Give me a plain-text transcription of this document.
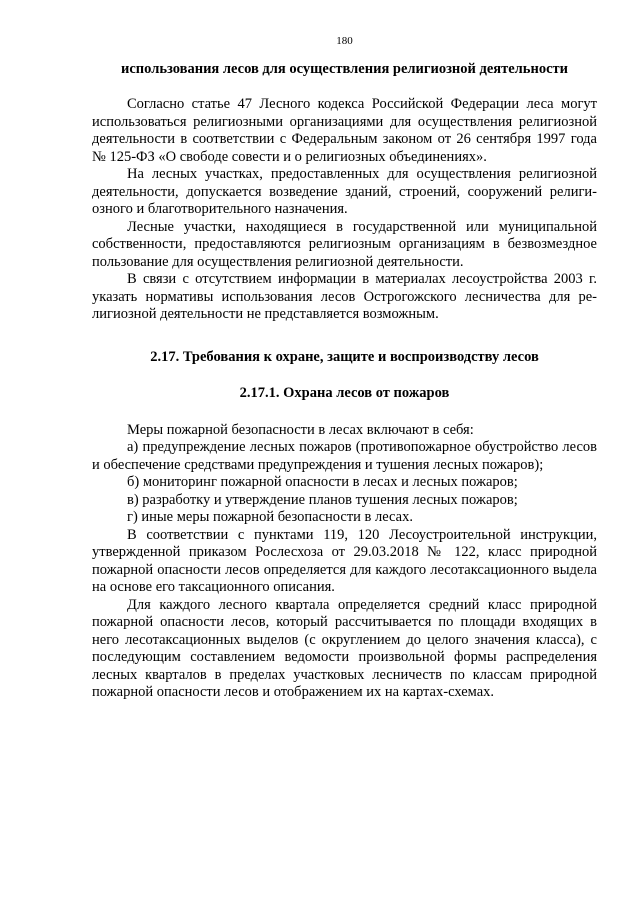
180
использования лесов для осуществления религиозной деятельности

Согласно статье 47 Лесного кодекса Российской Федерации леса могут использоваться религиозными организациями для осуществления религиозной деятельности в соответствии с Федеральным законом от 26 сентября 1997 года № 125-ФЗ «О свободе совести и о религиозных объединениях».

На лесных участках, предоставленных для осуществления религиозной деятельности, допускается возведение зданий, строений, сооружений религиозного и благотворительного назначения.

Лесные участки, находящиеся в государственной или муниципальной собственности, предоставляются религиозным организациям в безвозмездное пользование для осуществления религиозной деятельности.

В связи с отсутствием информации в материалах лесоустройства 2003 г. указать нормативы использования лесов Острогожского лесничества для религиозной деятельности не представляется возможным.

2.17. Требования к охране, защите и воспроизводству лесов
2.17.1. Охрана лесов от пожаров

Меры пожарной безопасности в лесах включают в себя:

а) предупреждение лесных пожаров (противопожарное обустройство лесов и обеспечение средствами предупреждения и тушения лесных пожаров);

б) мониторинг пожарной опасности в лесах и лесных пожаров;

в) разработку и утверждение планов тушения лесных пожаров;

г) иные меры пожарной безопасности в лесах.

В соответствии с пунктами 119, 120 Лесоустроительной инструкции, утвержденной приказом Рослесхоза от 29.03.2018 № 122, класс природной пожарной опасности лесов определяется для каждого лесотаксационного выдела на основе его таксационного описания.

Для каждого лесного квартала определяется средний класс природной пожарной опасности лесов, который рассчитывается по площади входящих в него лесотаксационных выделов (с округлением до целого значения класса), с последующим составлением ведомости произвольной формы распределения лесных кварталов в пределах участковых лесничеств по классам природной пожарной опасности лесов и отображением их на картах-схемах.
